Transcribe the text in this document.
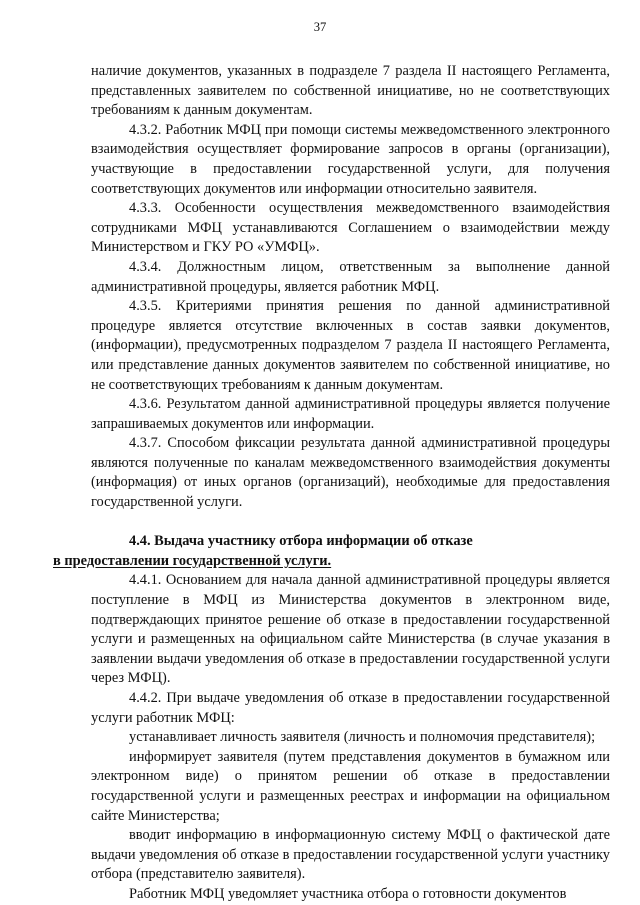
37

наличие документов, указанных в подразделе 7 раздела II настоящего Регламента, представленных заявителем по собственной инициативе, но не соответствующих требованиям к данным документам.

4.3.2. Работник МФЦ при помощи системы межведомственного электронного взаимодействия осуществляет формирование запросов в органы (организации), участвующие в предоставлении государственной услуги, для получения соответствующих документов или информации относительно заявителя.

4.3.3. Особенности осуществления межведомственного взаимодействия сотрудниками МФЦ устанавливаются Соглашением о взаимодействии между Министерством и ГКУ РО «УМФЦ».

4.3.4. Должностным лицом, ответственным за выполнение данной административной процедуры, является работник МФЦ.

4.3.5. Критериями принятия решения по данной административной процедуре является отсутствие включенных в состав заявки документов, (информации), предусмотренных подразделом 7 раздела II настоящего Регламента, или представление данных документов заявителем по собственной инициативе, но не соответствующих требованиям к данным документам.

4.3.6. Результатом данной административной процедуры является получение запрашиваемых документов или информации.

4.3.7. Способом фиксации результата данной административной процедуры являются полученные по каналам межведомственного взаимодействия документы (информация) от иных органов (организаций), необходимые для предоставления государственной услуги.

4.4. Выдача участнику отбора информации об отказе
в предоставлении государственной услуги.

4.4.1. Основанием для начала данной административной процедуры является поступление в МФЦ из Министерства документов в электронном виде, подтверждающих принятое решение об отказе в предоставлении государственной услуги и размещенных на официальном сайте Министерства (в случае указания в заявлении выдачи уведомления об отказе в предоставлении государственной услуги через МФЦ).

4.4.2. При выдаче уведомления об отказе в предоставлении государственной услуги работник МФЦ:

устанавливает личность заявителя (личность и полномочия представителя);

информирует заявителя (путем представления документов в бумажном или электронном виде) о принятом решении об отказе в предоставлении государственной услуги и размещенных реестрах и информации на официальном сайте Министерства;

вводит информацию в информационную систему МФЦ о фактической дате выдачи уведомления об отказе в предоставлении государственной услуги участнику отбора (представителю заявителя).

Работник МФЦ уведомляет участника отбора о готовности документов
